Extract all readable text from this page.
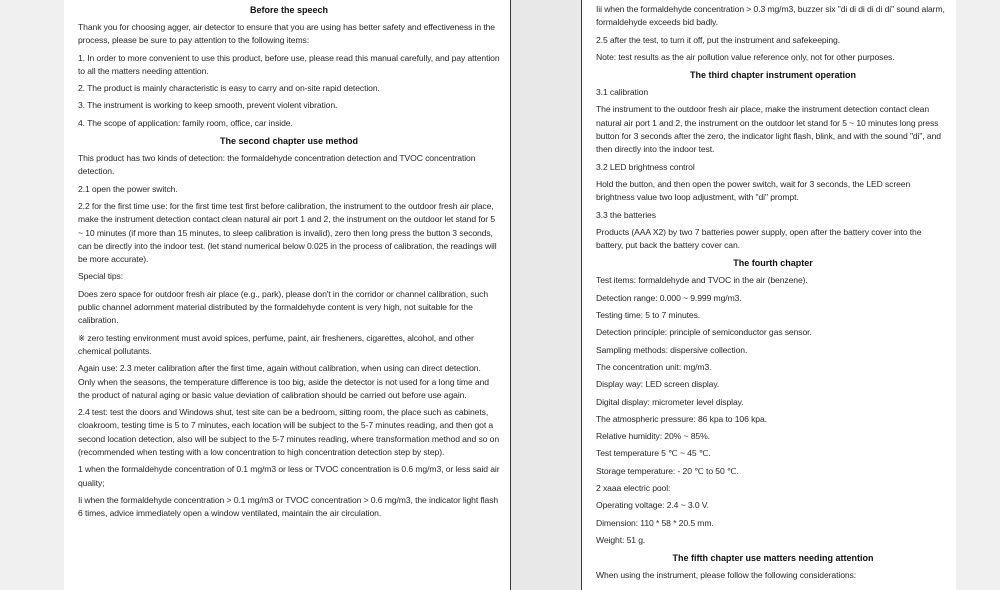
Before the speech

Thank you for choosing agger, air detector to ensure that you are using has better safety and effectiveness in the process, please be sure to pay attention to the following items:

1. In order to more convenient to use this product, before use, please read this manual carefully, and pay attention to all the matters needing attention.

2. The product is mainly characteristic is easy to carry and on-site rapid detection.

3. The instrument is working to keep smooth, prevent violent vibration.

4. The scope of application: family room, office, car inside.

The second chapter use method

This product has two kinds of detection: the formaldehyde concentration detection and TVOC concentration detection.

2.1 open the power switch.

2.2 for the first time use: for the first time test first before calibration, the instrument to the outdoor fresh air place, make the instrument detection contact clean natural air port 1 and 2, the instrument on the outdoor let stand for 5 ~ 10 minutes (if more than 15 minutes, to sleep calibration is invalid), zero then long press the button 3 seconds, can be directly into the indoor test. (let stand numerical below 0.025 in the process of calibration, the readings will be more accurate).

Special tips:

Does zero space for outdoor fresh air place (e.g., park), please don't in the corridor or channel calibration, such public channel adornment material distributed by the formaldehyde content is very high, not suitable for the calibration.

※ zero testing environment must avoid spices, perfume, paint, air fresheners, cigarettes, alcohol, and other chemical pollutants.

Again use: 2.3 meter calibration after the first time, again without calibration, when using can direct detection. Only when the seasons, the temperature difference is too big, aside the detector is not used for a long time and the product of natural aging or basic value deviation of calibration should be carried out before use again.

2.4 test: test the doors and Windows shut, test site can be a bedroom, sitting room, the place such as cabinets, cloakroom, testing time is 5 to 7 minutes, each location will be subject to the 5-7 minutes reading, and then got a second location detection, also will be subject to the 5-7 minutes reading, where transformation method and so on (recommended when testing with a low concentration to high concentration detection step by step).

1 when the formaldehyde concentration of 0.1 mg/m3 or less or TVOC concentration is 0.6 mg/m3, or less said air quality;

Ii when the formaldehyde concentration > 0.1 mg/m3 or TVOC concentration > 0.6 mg/m3, the indicator light flash 6 times, advice immediately open a window ventilated, maintain the air circulation.

Iii when the formaldehyde concentration > 0.3 mg/m3, buzzer six "di di di di di di" sound alarm, formaldehyde exceeds bid badly.

2.5 after the test, to turn it off, put the instrument and safekeeping.

Note: test results as the air pollution value reference only, not for other purposes.

The third chapter instrument operation

3.1 calibration

The instrument to the outdoor fresh air place, make the instrument detection contact clean natural air port 1 and 2, the instrument on the outdoor let stand for 5 ~ 10 minutes long press button for 3 seconds after the zero, the indicator light flash, blink, and with the sound "di", and then directly into the indoor test.

3.2 LED brightness control

Hold the button, and then open the power switch, wait for 3 seconds, the LED screen brightness value two loop adjustment, with "di" prompt.

3.3 the batteries

Products (AAA X2) by two 7 batteries power supply, open after the battery cover into the battery, put back the battery cover can.

The fourth chapter

Test items: formaldehyde and TVOC in the air (benzene).

Detection range: 0.000 ~ 9.999 mg/m3.

Testing time: 5 to 7 minutes.

Detection principle: principle of semiconductor gas sensor.

Sampling methods: dispersive collection.

The concentration unit: mg/m3.

Display way: LED screen display.

Digital display: micrometer level display.

The atmospheric pressure: 86 kpa to 106 kpa.

Relative humidity: 20% ~ 85%.

Test temperature 5 ℃ ~ 45 ℃.

Storage temperature: - 20 ℃ to 50 ℃.

2 xaaa electric pool:

Operating voltage: 2.4 ~ 3.0 V.

Dimension: 110 * 58 * 20.5 mm.

Weight: 51 g.

The fifth chapter use matters needing attention

When using the instrument, please follow the following considerations:
